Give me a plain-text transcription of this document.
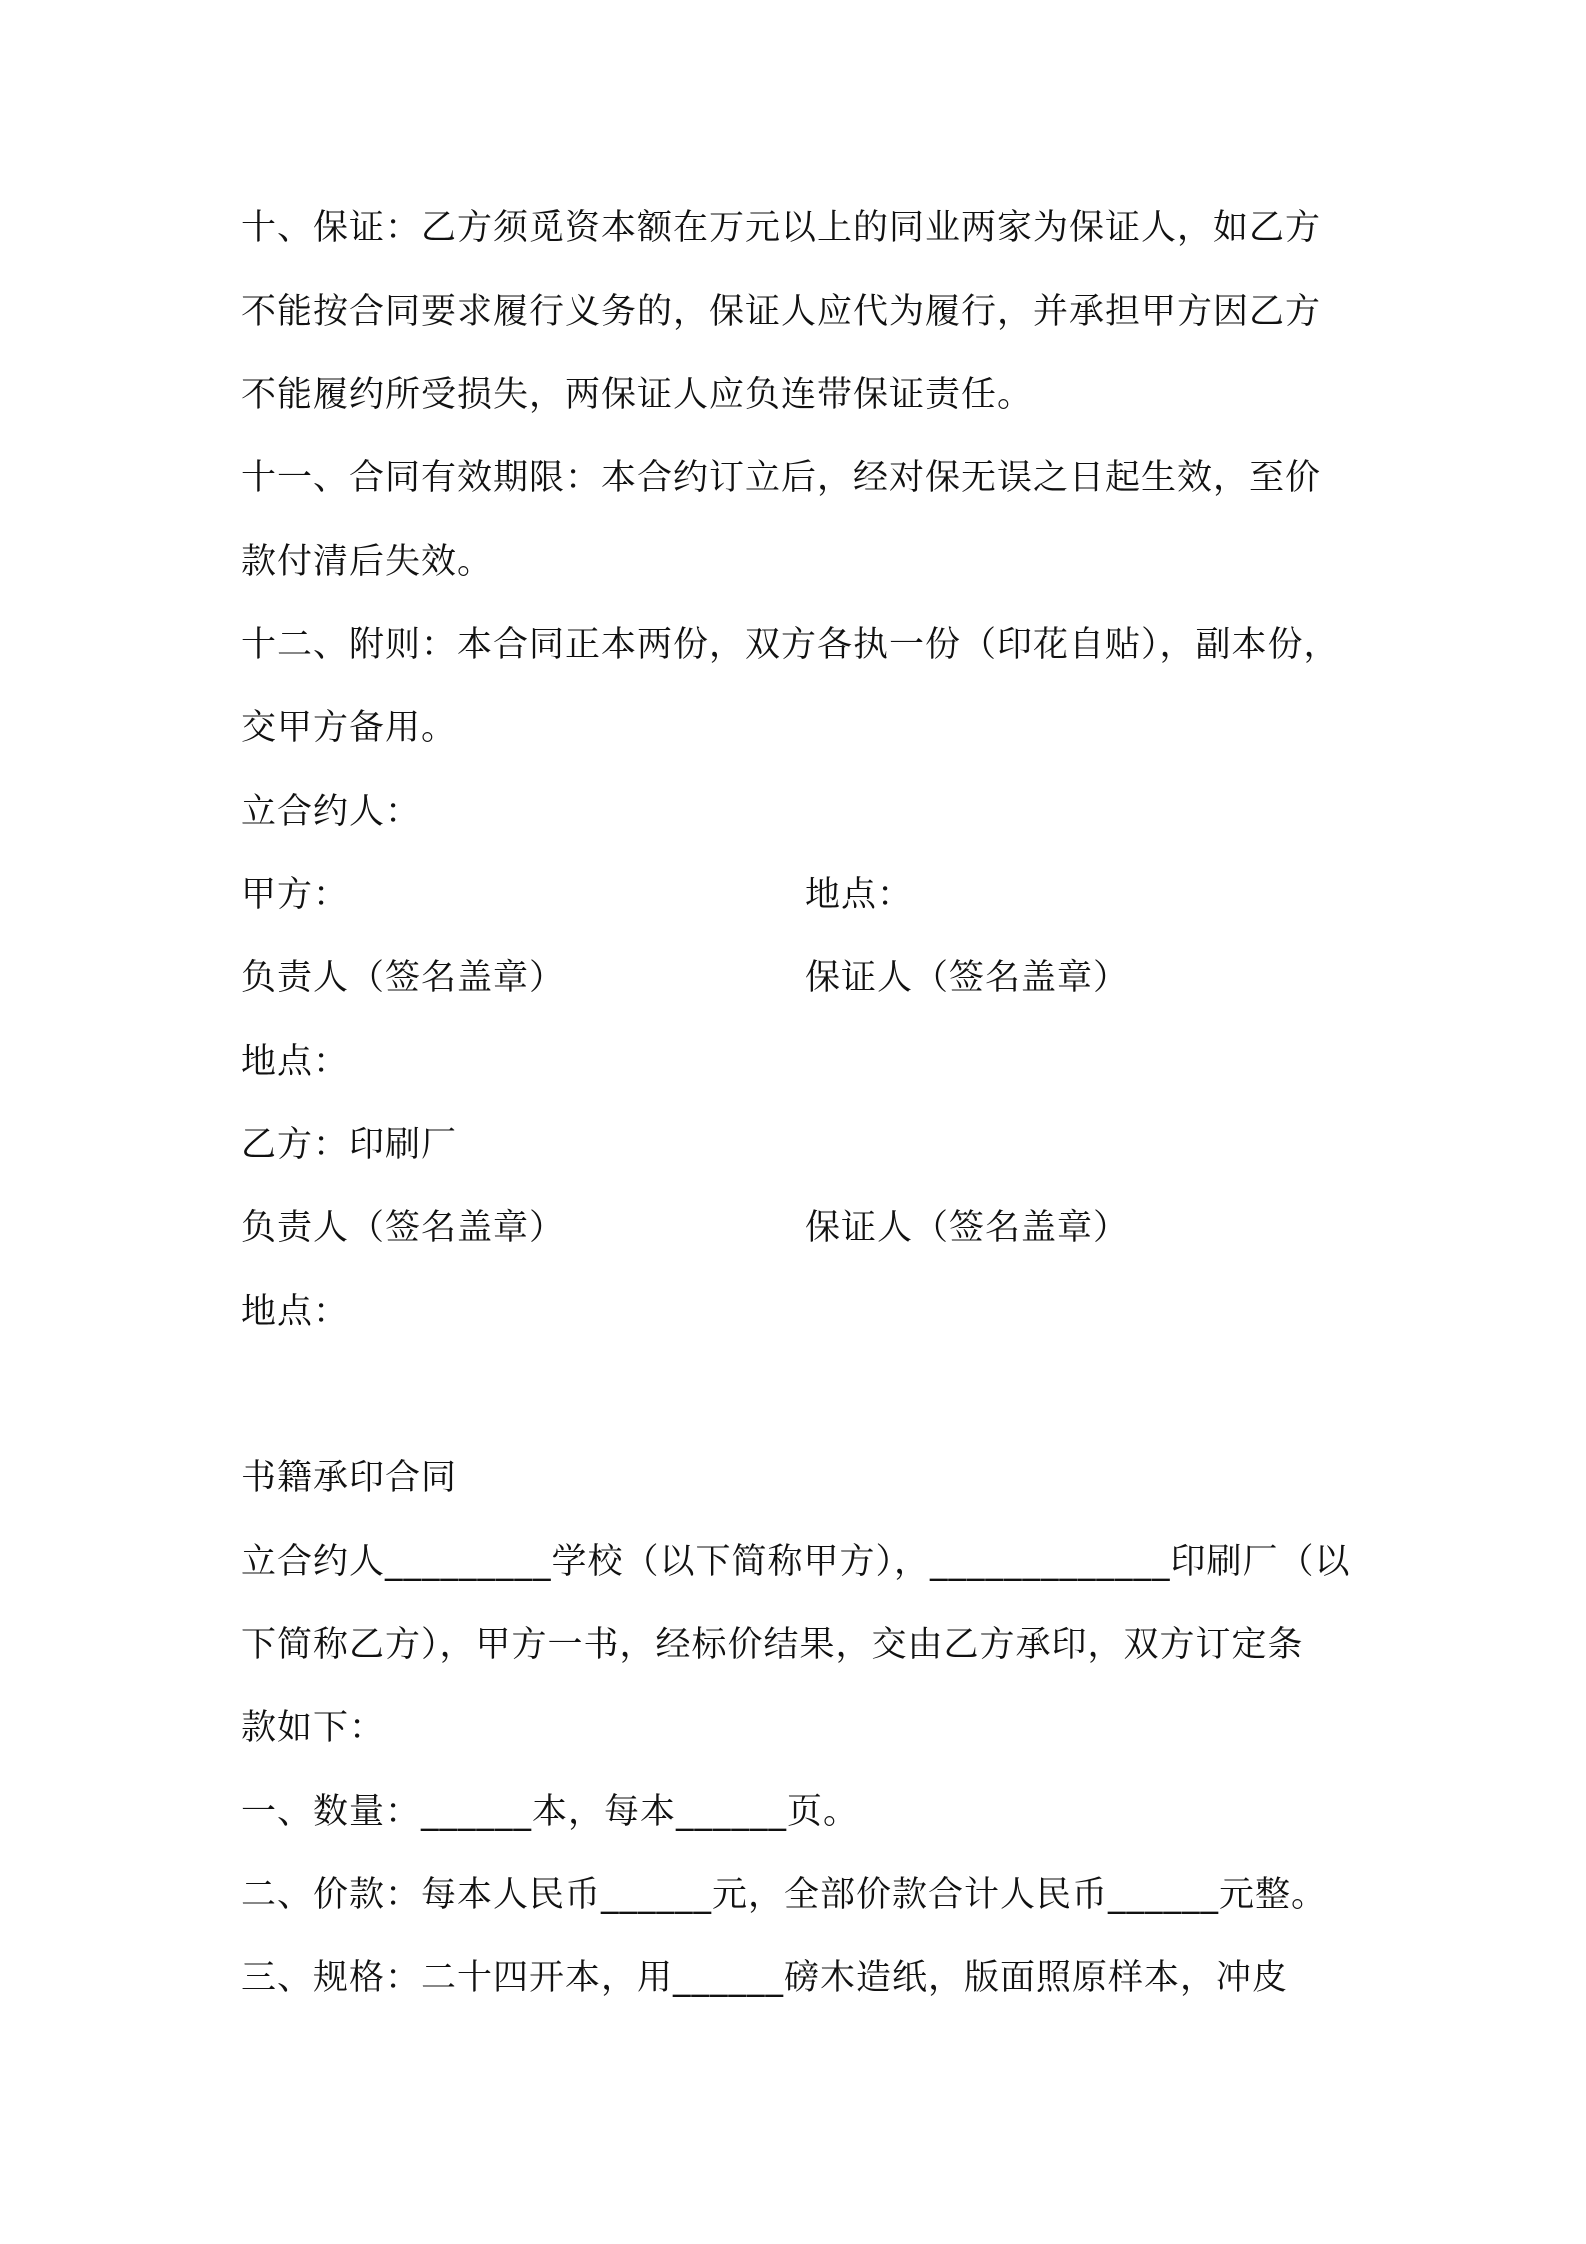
十、保证：乙方须觅资本额在万元以上的同业两家为保证人，如乙方
不能按合同要求履行义务的，保证人应代为履行，并承担甲方因乙方
不能履约所受损失，两保证人应负连带保证责任。
十一、合同有效期限：本合约订立后，经对保无误之日起生效，至价
款付清后失效。
十二、附则：本合同正本两份，双方各执一份（印花自贴），副本份，
交甲方备用。
立合约人：
甲方：	地点：
负责人（签名盖章）	保证人（签名盖章）
地点：
乙方：印刷厂
负责人（签名盖章）	保证人（签名盖章）
地点：
书籍承印合同
立合约人_________学校（以下简称甲方），_____________印刷厂（以
下简称乙方），甲方一书，经标价结果，交由乙方承印，双方订定条
款如下：
一、数量：______本，每本______页。
二、价款：每本人民币______元，全部价款合计人民币______元整。
三、规格：二十四开本，用______磅木造纸，版面照原样本，冲皮
